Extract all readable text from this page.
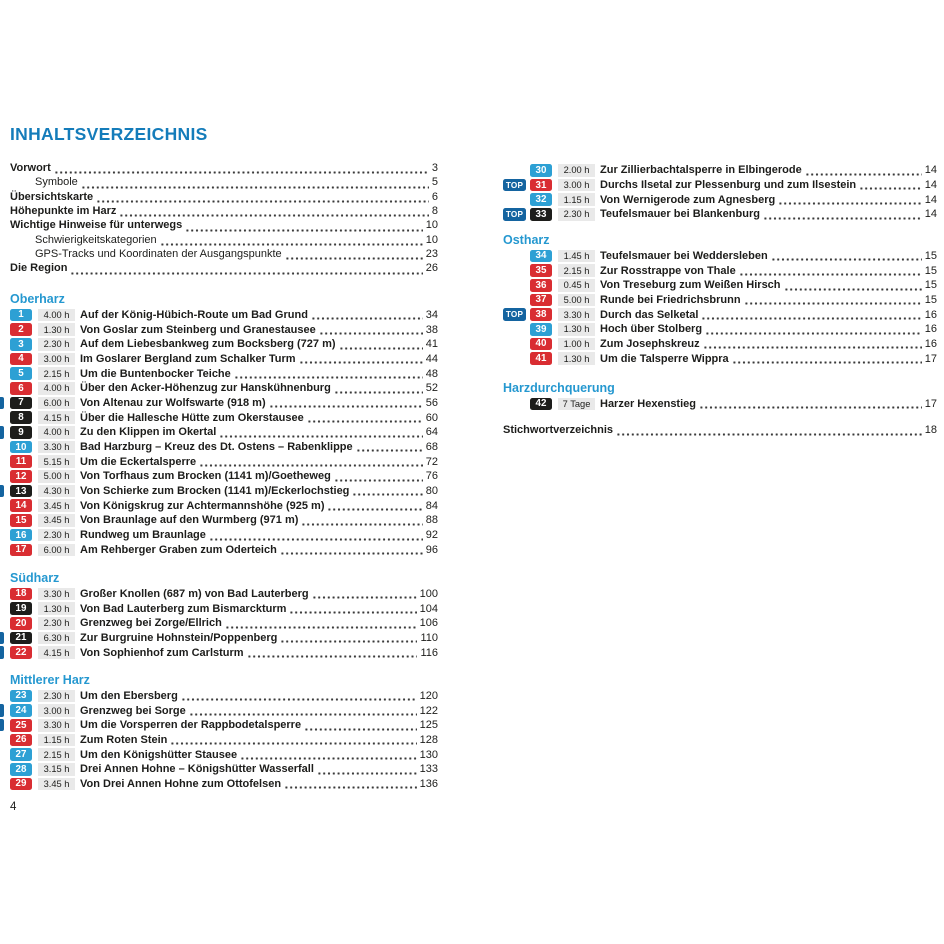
INHALTSVERZEICHNIS
Vorwort	3
Symbole	5
Übersichtskarte	6
Höhepunkte im Harz	8
Wichtige Hinweise für unterwegs	10
Schwierigkeitskategorien	10
GPS-Tracks und Koordinaten der Ausgangspunkte	23
Die Region	26
Oberharz
1	4.00 h Auf der König-Hübich-Route um Bad Grund	34
2	1.30 h Von Goslar zum Steinberg und Granestausee	38
3	2.30 h Auf dem Liebesbankweg zum Bocksberg (727 m)	41
4	3.00 h Im Goslarer Bergland zum Schalker Turm	44
5	2.15 h Um die Buntenbocker Teiche	48
6	4.00 h Über den Acker-Höhenzug zur Hanskühnenburg	52
7	6.00 h Von Altenau zur Wolfswarte (918 m)	56
8	4.15 h Über die Hallesche Hütte zum Okerstausee	60
9	4.00 h Zu den Klippen im Okertal	64
10	3.30 h Bad Harzburg – Kreuz des Dt. Ostens – Rabenklippe	68
11	5.15 h Um die Eckertalsperre	72
12	5.00 h Von Torfhaus zum Brocken (1141 m)/Goetheweg	76
13	4.30 h Von Schierke zum Brocken (1141 m)/Eckerlochstieg	80
14	3.45 h Von Königskrug zur Achtermannshöhe (925 m)	84
15	3.45 h Von Braunlage auf den Wurmberg (971 m)	88
16	2.30 h Rundweg um Braunlage	92
17	6.00 h Am Rehberger Graben zum Oderteich	96
Südharz
18	3.30 h Großer Knollen (687 m) von Bad Lauterberg	100
19	1.30 h Von Bad Lauterberg zum Bismarckturm	104
20	2.30 h Grenzweg bei Zorge/Ellrich	106
21	6.30 h Zur Burgruine Hohnstein/Poppenberg	110
22	4.15 h Von Sophienhof zum Carlsturm	116
Mittlerer Harz
23	2.30 h Um den Ebersberg	120
24	3.00 h Grenzweg bei Sorge	122
25	3.30 h Um die Vorsperren der Rappbodetalsperre	125
26	1.15 h Zum Roten Stein	128
27	2.15 h Um den Königshütter Stausee	130
28	3.15 h Drei Annen Hohne – Königshütter Wasserfall	133
29	3.45 h Von Drei Annen Hohne zum Ottofelsen	136
30	2.00 h Zur Zillierbachtalsperre in Elbingerode	14
TOP	31	3.00 h Durchs Ilsetal zur Plessenburg und zum Ilsestein	14
32	1.15 h Von Wernigerode zum Agnesberg	14
TOP	33	2.30 h Teufelsmauer bei Blankenburg	14
Ostharz
34	1.45 h Teufelsmauer bei Weddersleben	15
35	2.15 h Zur Rosstrappe von Thale	15
36	0.45 h Von Treseburg zum Weißen Hirsch	15
37	5.00 h Runde bei Friedrichsbrunn	15
TOP	38	3.30 h Durch das Selketal	16
39	1.30 h Hoch über Stolberg	16
40	1.00 h Zum Josephskreuz	16
41	1.30 h Um die Talsperre Wippra	17
Harzdurchquerung
42	7 Tage Harzer Hexenstieg	17
Stichwortverzeichnis	18
4
